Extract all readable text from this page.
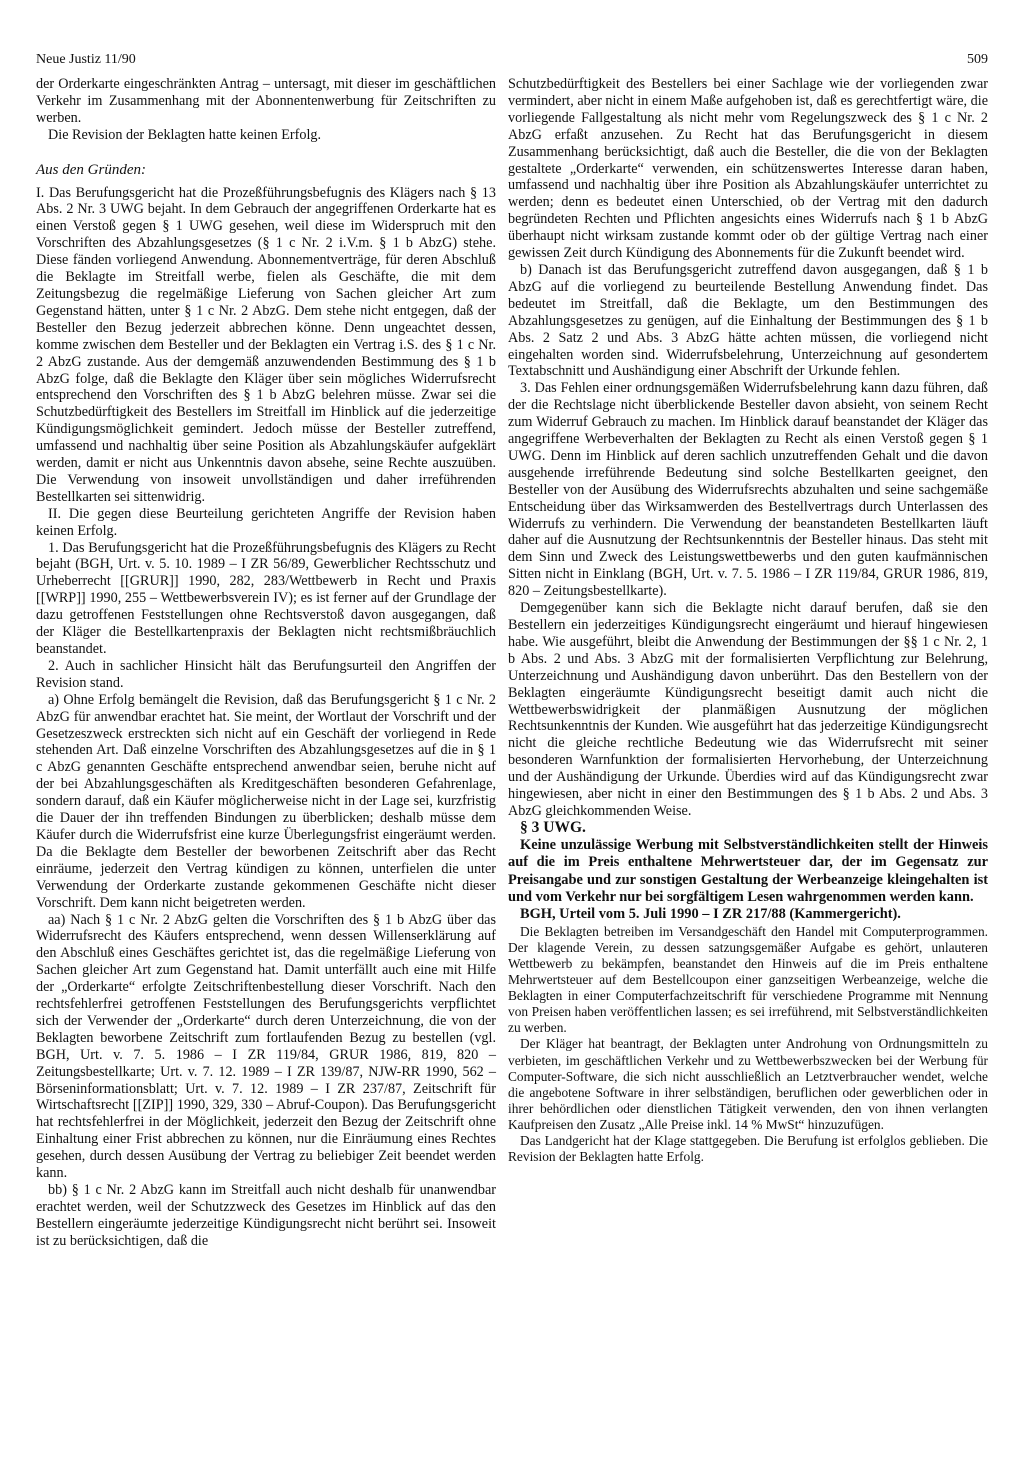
Neue Justiz 11/90	509

der Orderkarte eingeschränkten Antrag – untersagt, mit dieser im geschäftlichen Verkehr im Zusammenhang mit der Abonnentenwerbung für Zeitschriften zu werben.

Die Revision der Beklagten hatte keinen Erfolg.

Aus den Gründen:

I. Das Berufungsgericht hat die Prozeßführungsbefugnis des Klägers nach § 13 Abs. 2 Nr. 3 UWG bejaht. In dem Gebrauch der angegriffenen Orderkarte hat es einen Verstoß gegen § 1 UWG gesehen, weil diese im Widerspruch mit den Vorschriften des Abzahlungsgesetzes (§ 1 c Nr. 2 i.V.m. § 1 b AbzG) stehe. Diese fänden vorliegend Anwendung. Abonnementverträge, für deren Abschluß die Beklagte im Streitfall werbe, fielen als Geschäfte, die mit dem Zeitungsbezug die regelmäßige Lieferung von Sachen gleicher Art zum Gegenstand hätten, unter § 1 c Nr. 2 AbzG. Dem stehe nicht entgegen, daß der Besteller den Bezug jederzeit abbrechen könne. Denn ungeachtet dessen, komme zwischen dem Besteller und der Beklagten ein Vertrag i.S. des § 1 c Nr. 2 AbzG zustande. Aus der demgemäß anzuwendenden Bestimmung des § 1 b AbzG folge, daß die Beklagte den Kläger über sein mögliches Widerrufsrecht entsprechend den Vorschriften des § 1 b AbzG belehren müsse. Zwar sei die Schutzbedürftigkeit des Bestellers im Streitfall im Hinblick auf die jederzeitige Kündigungsmöglichkeit gemindert. Jedoch müsse der Besteller zutreffend, umfassend und nachhaltig über seine Position als Abzahlungskäufer aufgeklärt werden, damit er nicht aus Unkenntnis davon absehe, seine Rechte auszuüben. Die Verwendung von insoweit unvollständigen und daher irreführenden Bestellkarten sei sittenwidrig.

II. Die gegen diese Beurteilung gerichteten Angriffe der Revision haben keinen Erfolg.

1. Das Berufungsgericht hat die Prozeßführungsbefugnis des Klägers zu Recht bejaht (BGH, Urt. v. 5. 10. 1989 – I ZR 56/89, Gewerblicher Rechtsschutz und Urheberrecht [[GRUR]] 1990, 282, 283/Wettbewerb in Recht und Praxis [[WRP]] 1990, 255 – Wettbewerbsverein IV); es ist ferner auf der Grundlage der dazu getroffenen Feststellungen ohne Rechtsverstoß davon ausgegangen, daß der Kläger die Bestellkartenpraxis der Beklagten nicht rechtsmißbräuchlich beanstandet.

2. Auch in sachlicher Hinsicht hält das Berufungsurteil den Angriffen der Revision stand.

a) Ohne Erfolg bemängelt die Revision, daß das Berufungsgericht § 1 c Nr. 2 AbzG für anwendbar erachtet hat. Sie meint, der Wortlaut der Vorschrift und der Gesetzeszweck erstreckten sich nicht auf ein Geschäft der vorliegend in Rede stehenden Art. Daß einzelne Vorschriften des Abzahlungsgesetzes auf die in § 1 c AbzG genannten Geschäfte entsprechend anwendbar seien, beruhe nicht auf der bei Abzahlungsgeschäften als Kreditgeschäften besonderen Gefahrenlage, sondern darauf, daß ein Käufer möglicherweise nicht in der Lage sei, kurzfristig die Dauer der ihn treffenden Bindungen zu überblicken; deshalb müsse dem Käufer durch die Widerrufsfrist eine kurze Überlegungsfrist eingeräumt werden. Da die Beklagte dem Besteller der beworbenen Zeitschrift aber das Recht einräume, jederzeit den Vertrag kündigen zu können, unterfielen die unter Verwendung der Orderkarte zustande gekommenen Geschäfte nicht dieser Vorschrift. Dem kann nicht beigetreten werden.

aa) Nach § 1 c Nr. 2 AbzG gelten die Vorschriften des § 1 b AbzG über das Widerrufsrecht des Käufers entsprechend, wenn dessen Willenserklärung auf den Abschluß eines Geschäftes gerichtet ist, das die regelmäßige Lieferung von Sachen gleicher Art zum Gegenstand hat. Damit unterfällt auch eine mit Hilfe der „Orderkarte“ erfolgte Zeitschriftenbestellung dieser Vorschrift. Nach den rechtsfehlerfrei getroffenen Feststellungen des Berufungsgerichts verpflichtet sich der Verwender der „Orderkarte“ durch deren Unterzeichnung, die von der Beklagten beworbene Zeitschrift zum fortlaufenden Bezug zu bestellen (vgl. BGH, Urt. v. 7. 5. 1986 – I ZR 119/84, GRUR 1986, 819, 820 – Zeitungsbestellkarte; Urt. v. 7. 12. 1989 – I ZR 139/87, NJW-RR 1990, 562 – Börseninformationsblatt; Urt. v. 7. 12. 1989 – I ZR 237/87, Zeitschrift für Wirtschaftsrecht [[ZIP]] 1990, 329, 330 – Abruf-Coupon). Das Berufungsgericht hat rechtsfehlerfrei in der Möglichkeit, jederzeit den Bezug der Zeitschrift ohne Einhaltung einer Frist abbrechen zu können, nur die Einräumung eines Rechtes gesehen, durch dessen Ausübung der Vertrag zu beliebiger Zeit beendet werden kann.

bb) § 1 c Nr. 2 AbzG kann im Streitfall auch nicht deshalb für unanwendbar erachtet werden, weil der Schutzzweck des Gesetzes im Hinblick auf das den Bestellern eingeräumte jederzeitige Kündigungsrecht nicht berührt sei. Insoweit ist zu berücksichtigen, daß die

Schutzbedürftigkeit des Bestellers bei einer Sachlage wie der vorliegenden zwar vermindert, aber nicht in einem Maße aufgehoben ist, daß es gerechtfertigt wäre, die vorliegende Fallgestaltung als nicht mehr vom Regelungszweck des § 1 c Nr. 2 AbzG erfaßt anzusehen. Zu Recht hat das Berufungsgericht in diesem Zusammenhang berücksichtigt, daß auch die Besteller, die die von der Beklagten gestaltete „Orderkarte“ verwenden, ein schützenswertes Interesse daran haben, umfassend und nachhaltig über ihre Position als Abzahlungskäufer unterrichtet zu werden; denn es bedeutet einen Unterschied, ob der Vertrag mit den dadurch begründeten Rechten und Pflichten angesichts eines Widerrufs nach § 1 b AbzG überhaupt nicht wirksam zustande kommt oder ob der gültige Vertrag nach einer gewissen Zeit durch Kündigung des Abonnements für die Zukunft beendet wird.

b) Danach ist das Berufungsgericht zutreffend davon ausgegangen, daß § 1 b AbzG auf die vorliegend zu beurteilende Bestellung Anwendung findet. Das bedeutet im Streitfall, daß die Beklagte, um den Bestimmungen des Abzahlungsgesetzes zu genügen, auf die Einhaltung der Bestimmungen des § 1 b Abs. 2 Satz 2 und Abs. 3 AbzG hätte achten müssen, die vorliegend nicht eingehalten worden sind. Widerrufsbelehrung, Unterzeichnung auf gesondertem Textabschnitt und Aushändigung einer Abschrift der Urkunde fehlen.

3. Das Fehlen einer ordnungsgemäßen Widerrufsbelehrung kann dazu führen, daß der die Rechtslage nicht überblickende Besteller davon absieht, von seinem Recht zum Widerruf Gebrauch zu machen. Im Hinblick darauf beanstandet der Kläger das angegriffene Werbeverhalten der Beklagten zu Recht als einen Verstoß gegen § 1 UWG. Denn im Hinblick auf deren sachlich unzutreffenden Gehalt und die davon ausgehende irreführende Bedeutung sind solche Bestellkarten geeignet, den Besteller von der Ausübung des Widerrufsrechts abzuhalten und seine sachgemäße Entscheidung über das Wirksamwerden des Bestellvertrags durch Unterlassen des Widerrufs zu verhindern. Die Verwendung der beanstandeten Bestellkarten läuft daher auf die Ausnutzung der Rechtsunkenntnis der Besteller hinaus. Das steht mit dem Sinn und Zweck des Leistungswettbewerbs und den guten kaufmännischen Sitten nicht in Einklang (BGH, Urt. v. 7. 5. 1986 – I ZR 119/84, GRUR 1986, 819, 820 – Zeitungsbestellkarte).

Demgegenüber kann sich die Beklagte nicht darauf berufen, daß sie den Bestellern ein jederzeitiges Kündigungsrecht eingeräumt und hierauf hingewiesen habe. Wie ausgeführt, bleibt die Anwendung der Bestimmungen der §§ 1 c Nr. 2, 1 b Abs. 2 und Abs. 3 AbzG mit der formalisierten Verpflichtung zur Belehrung, Unterzeichnung und Aushändigung davon unberührt. Das den Bestellern von der Beklagten eingeräumte Kündigungsrecht beseitigt damit auch nicht die Wettbewerbswidrigkeit der planmäßigen Ausnutzung der möglichen Rechtsunkenntnis der Kunden. Wie ausgeführt hat das jederzeitige Kündigungsrecht nicht die gleiche rechtliche Bedeutung wie das Widerrufsrecht mit seiner besonderen Warnfunktion der formalisierten Hervorhebung, der Unterzeichnung und der Aushändigung der Urkunde. Überdies wird auf das Kündigungsrecht zwar hingewiesen, aber nicht in einer den Bestimmungen des § 1 b Abs. 2 und Abs. 3 AbzG gleichkommenden Weise.

§ 3 UWG.

Keine unzulässige Werbung mit Selbstverständlichkeiten stellt der Hinweis auf die im Preis enthaltene Mehrwertsteuer dar, der im Gegensatz zur Preisangabe und zur sonstigen Gestaltung der Werbeanzeige kleingehalten ist und vom Verkehr nur bei sorgfältigem Lesen wahrgenommen werden kann.

BGH, Urteil vom 5. Juli 1990 – I ZR 217/88 (Kammergericht).

Die Beklagten betreiben im Versandgeschäft den Handel mit Computerprogrammen. Der klagende Verein, zu dessen satzungsgemäßer Aufgabe es gehört, unlauteren Wettbewerb zu bekämpfen, beanstandet den Hinweis auf die im Preis enthaltene Mehrwertsteuer auf dem Bestellcoupon einer ganzseitigen Werbeanzeige, welche die Beklagten in einer Computerfachzeitschrift für verschiedene Programme mit Nennung von Preisen haben veröffentlichen lassen; es sei irreführend, mit Selbstverständlichkeiten zu werben.

Der Kläger hat beantragt, der Beklagten unter Androhung von Ordnungsmitteln zu verbieten, im geschäftlichen Verkehr und zu Wettbewerbszwecken bei der Werbung für Computer-Software, die sich nicht ausschließlich an Letztverbraucher wendet, welche die angebotene Software in ihrer selbständigen, beruflichen oder gewerblichen oder in ihrer behördlichen oder dienstlichen Tätigkeit verwenden, den von ihnen verlangten Kaufpreisen den Zusatz „Alle Preise inkl. 14 % MwSt“ hinzuzufügen.

Das Landgericht hat der Klage stattgegeben. Die Berufung ist erfolglos geblieben. Die Revision der Beklagten hatte Erfolg.
